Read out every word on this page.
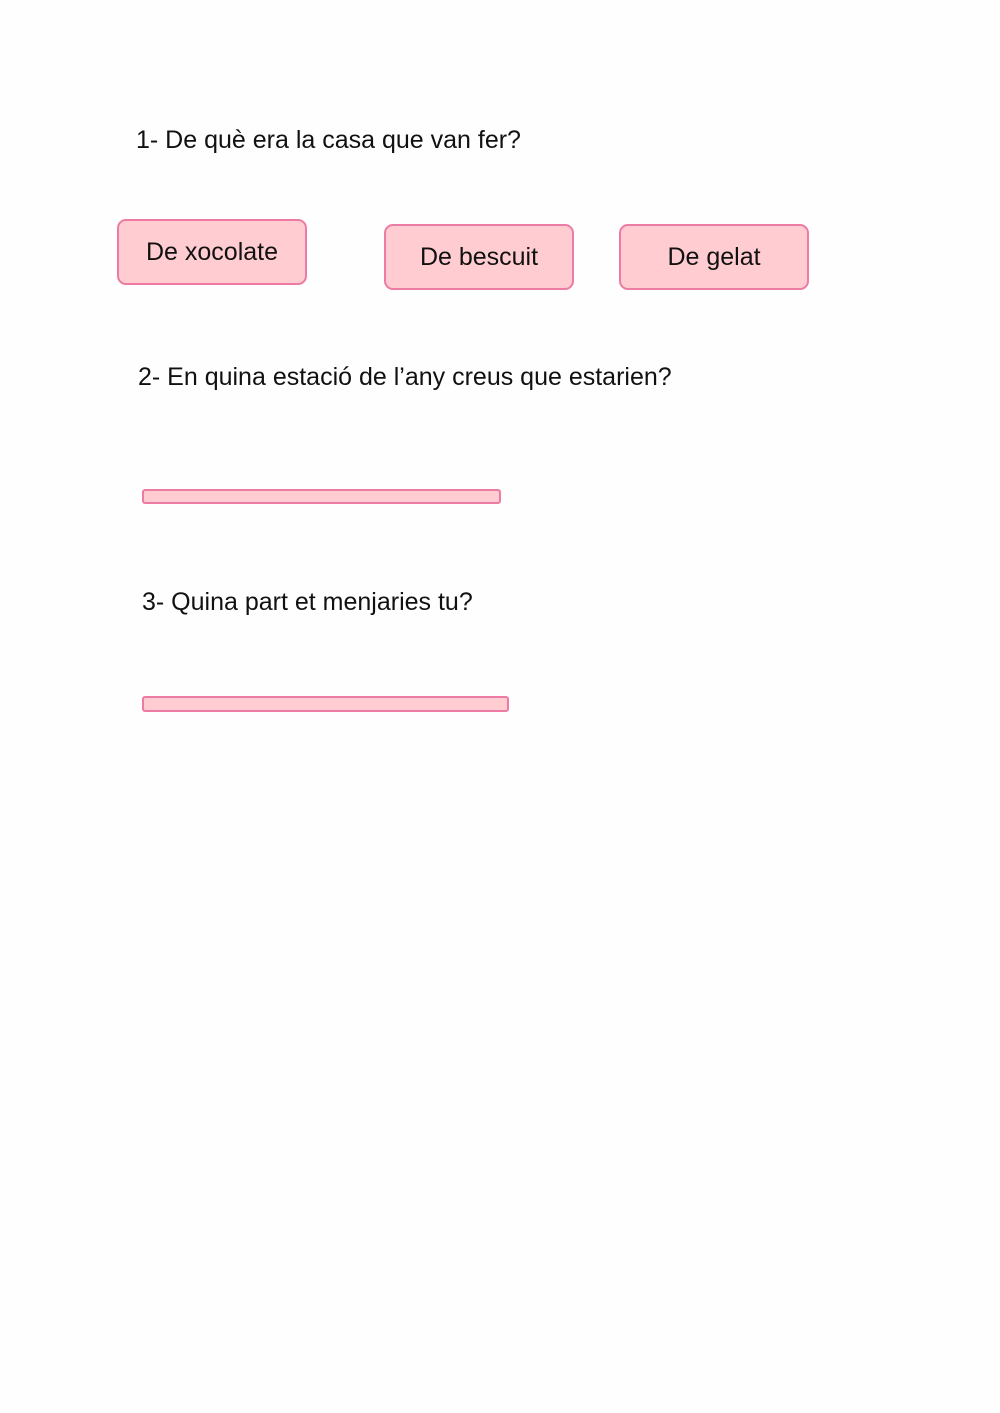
1- De què era la casa que van fer?

De xocolate	De bescuit	De gelat

2- En quina estació de l’any creus que estarien?

3- Quina part et menjaries tu?
